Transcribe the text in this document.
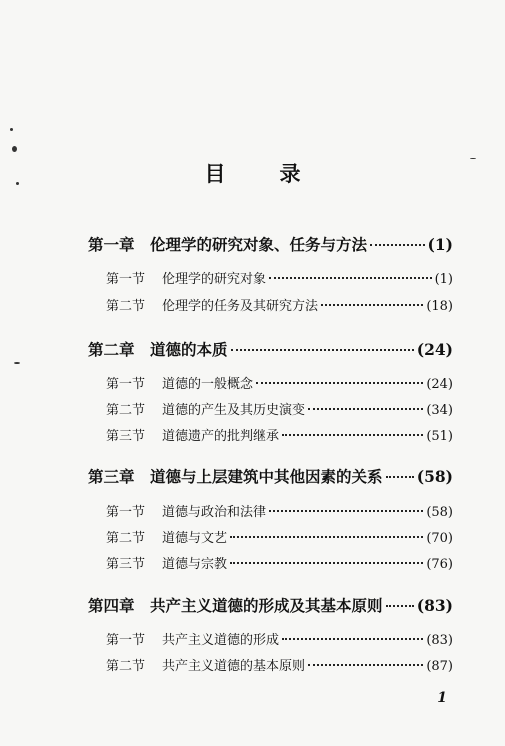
目	录
第一章 伦理学的研究对象、任务与方法	(1)
第一节	伦理学的研究对象	(1)
第二节	伦理学的任务及其研究方法	(18)
第二章 道德的本质	(24)
第一节	道德的一般概念	(24)
第二节	道德的产生及其历史演变	(34)
第三节	道德遗产的批判继承	(51)
第三章 道德与上层建筑中其他因素的关系 (58)
第一节	道德与政治和法律	(58)
第二节	道德与文艺	(70)
第三节	道德与宗教	(76)
第四章 共产主义道德的形成及其基本原则 (83)
第一节	共产主义道德的形成	(83)
第二节	共产主义道德的基本原则	(87)
1
